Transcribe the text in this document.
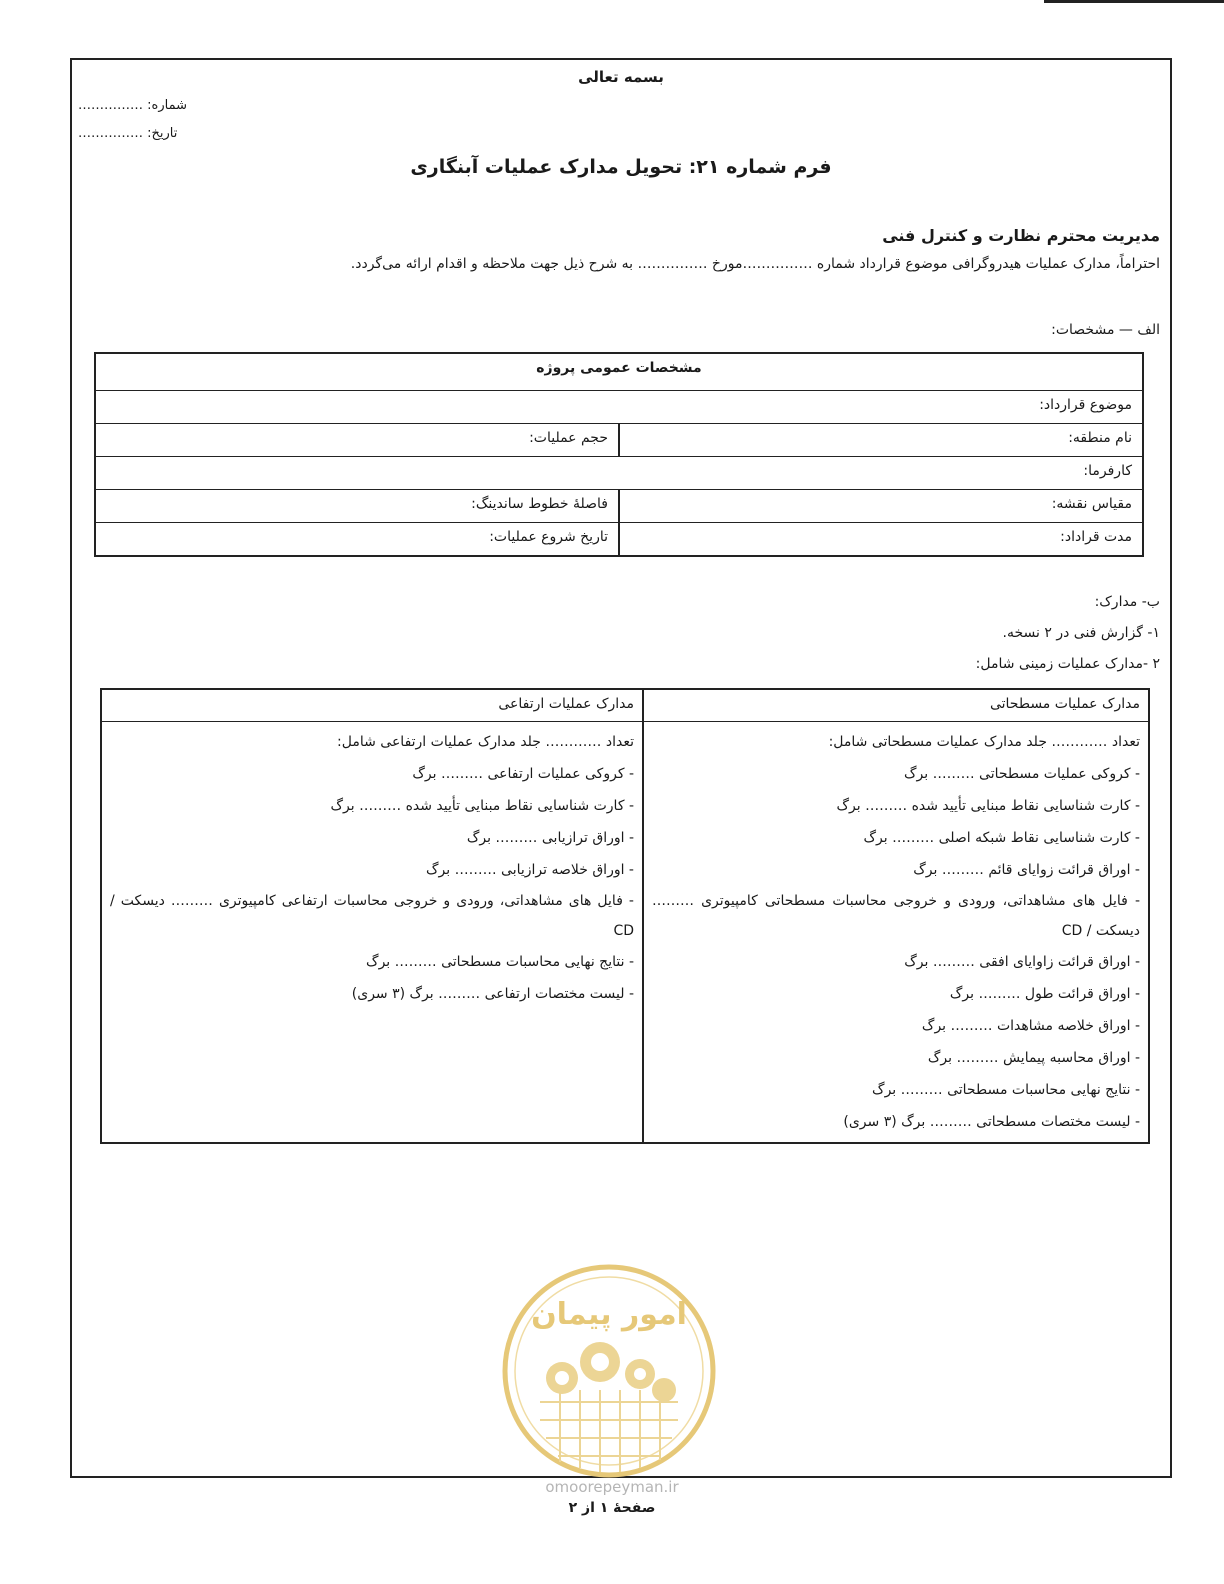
بسمه تعالی
شماره: ……………
تاریخ: ……………
فرم شماره ۲۱: تحویل مدارک عملیات آبنگاری
مدیریت محترم نظارت و کنترل فنی
احتراماً، مدارک عملیات هیدروگرافی موضوع قرارداد شماره ……………مورخ …………… به شرح ذیل جهت ملاحظه و اقدام ارائه می‌گردد.
الف — مشخصات:
مشخصات عمومی پروژه
موضوع قرارداد:
نام منطقه:
حجم عملیات:
کارفرما:
مقیاس نقشه:
فاصلهٔ خطوط ساندینگ:
مدت قراداد:
تاریخ شروع عملیات:
ب- مدارک:
۱- گزارش فنی در ۲ نسخه.
۲ -مدارک عملیات زمینی شامل:
مدارک عملیات مسطحاتی
مدارک عملیات ارتفاعی
تعداد ………… جلد مدارک عملیات مسطحاتی شامل:
- کروکی عملیات مسطحاتی ……… برگ
- کارت شناسایی نقاط مبنایی تأیید شده ……… برگ
- کارت شناسایی نقاط شبکه اصلی ……… برگ
- اوراق قرائت زوایای قائم ……… برگ
- فایل های مشاهداتی، ورودی و خروجی محاسبات مسطحاتی کامپیوتری ……… دیسکت / CD
- اوراق قرائت زاوایای افقی ……… برگ
- اوراق قرائت طول ……… برگ
- اوراق خلاصه مشاهدات ……… برگ
- اوراق محاسبه پیمایش ……… برگ
- نتایج نهایی محاسبات مسطحاتی ……… برگ
- لیست مختصات مسطحاتی ……… برگ (۳ سری)
تعداد ………… جلد مدارک عملیات ارتفاعی شامل:
- کروکی عملیات ارتفاعی ……… برگ
- کارت شناسایی نقاط مبنایی تأیید شده ……… برگ
- اوراق ترازیابی ……… برگ
- اوراق خلاصه ترازیابی ……… برگ
- فایل های مشاهداتی، ورودی و خروجی محاسبات ارتفاعی کامپیوتری ……… دیسکت / CD
- نتایج نهایی محاسبات مسطحاتی ……… برگ
- لیست مختصات ارتفاعی ……… برگ (۳ سری)
امور پیمان
omoorepeyman.ir
صفحهٔ ۱ از ۲
